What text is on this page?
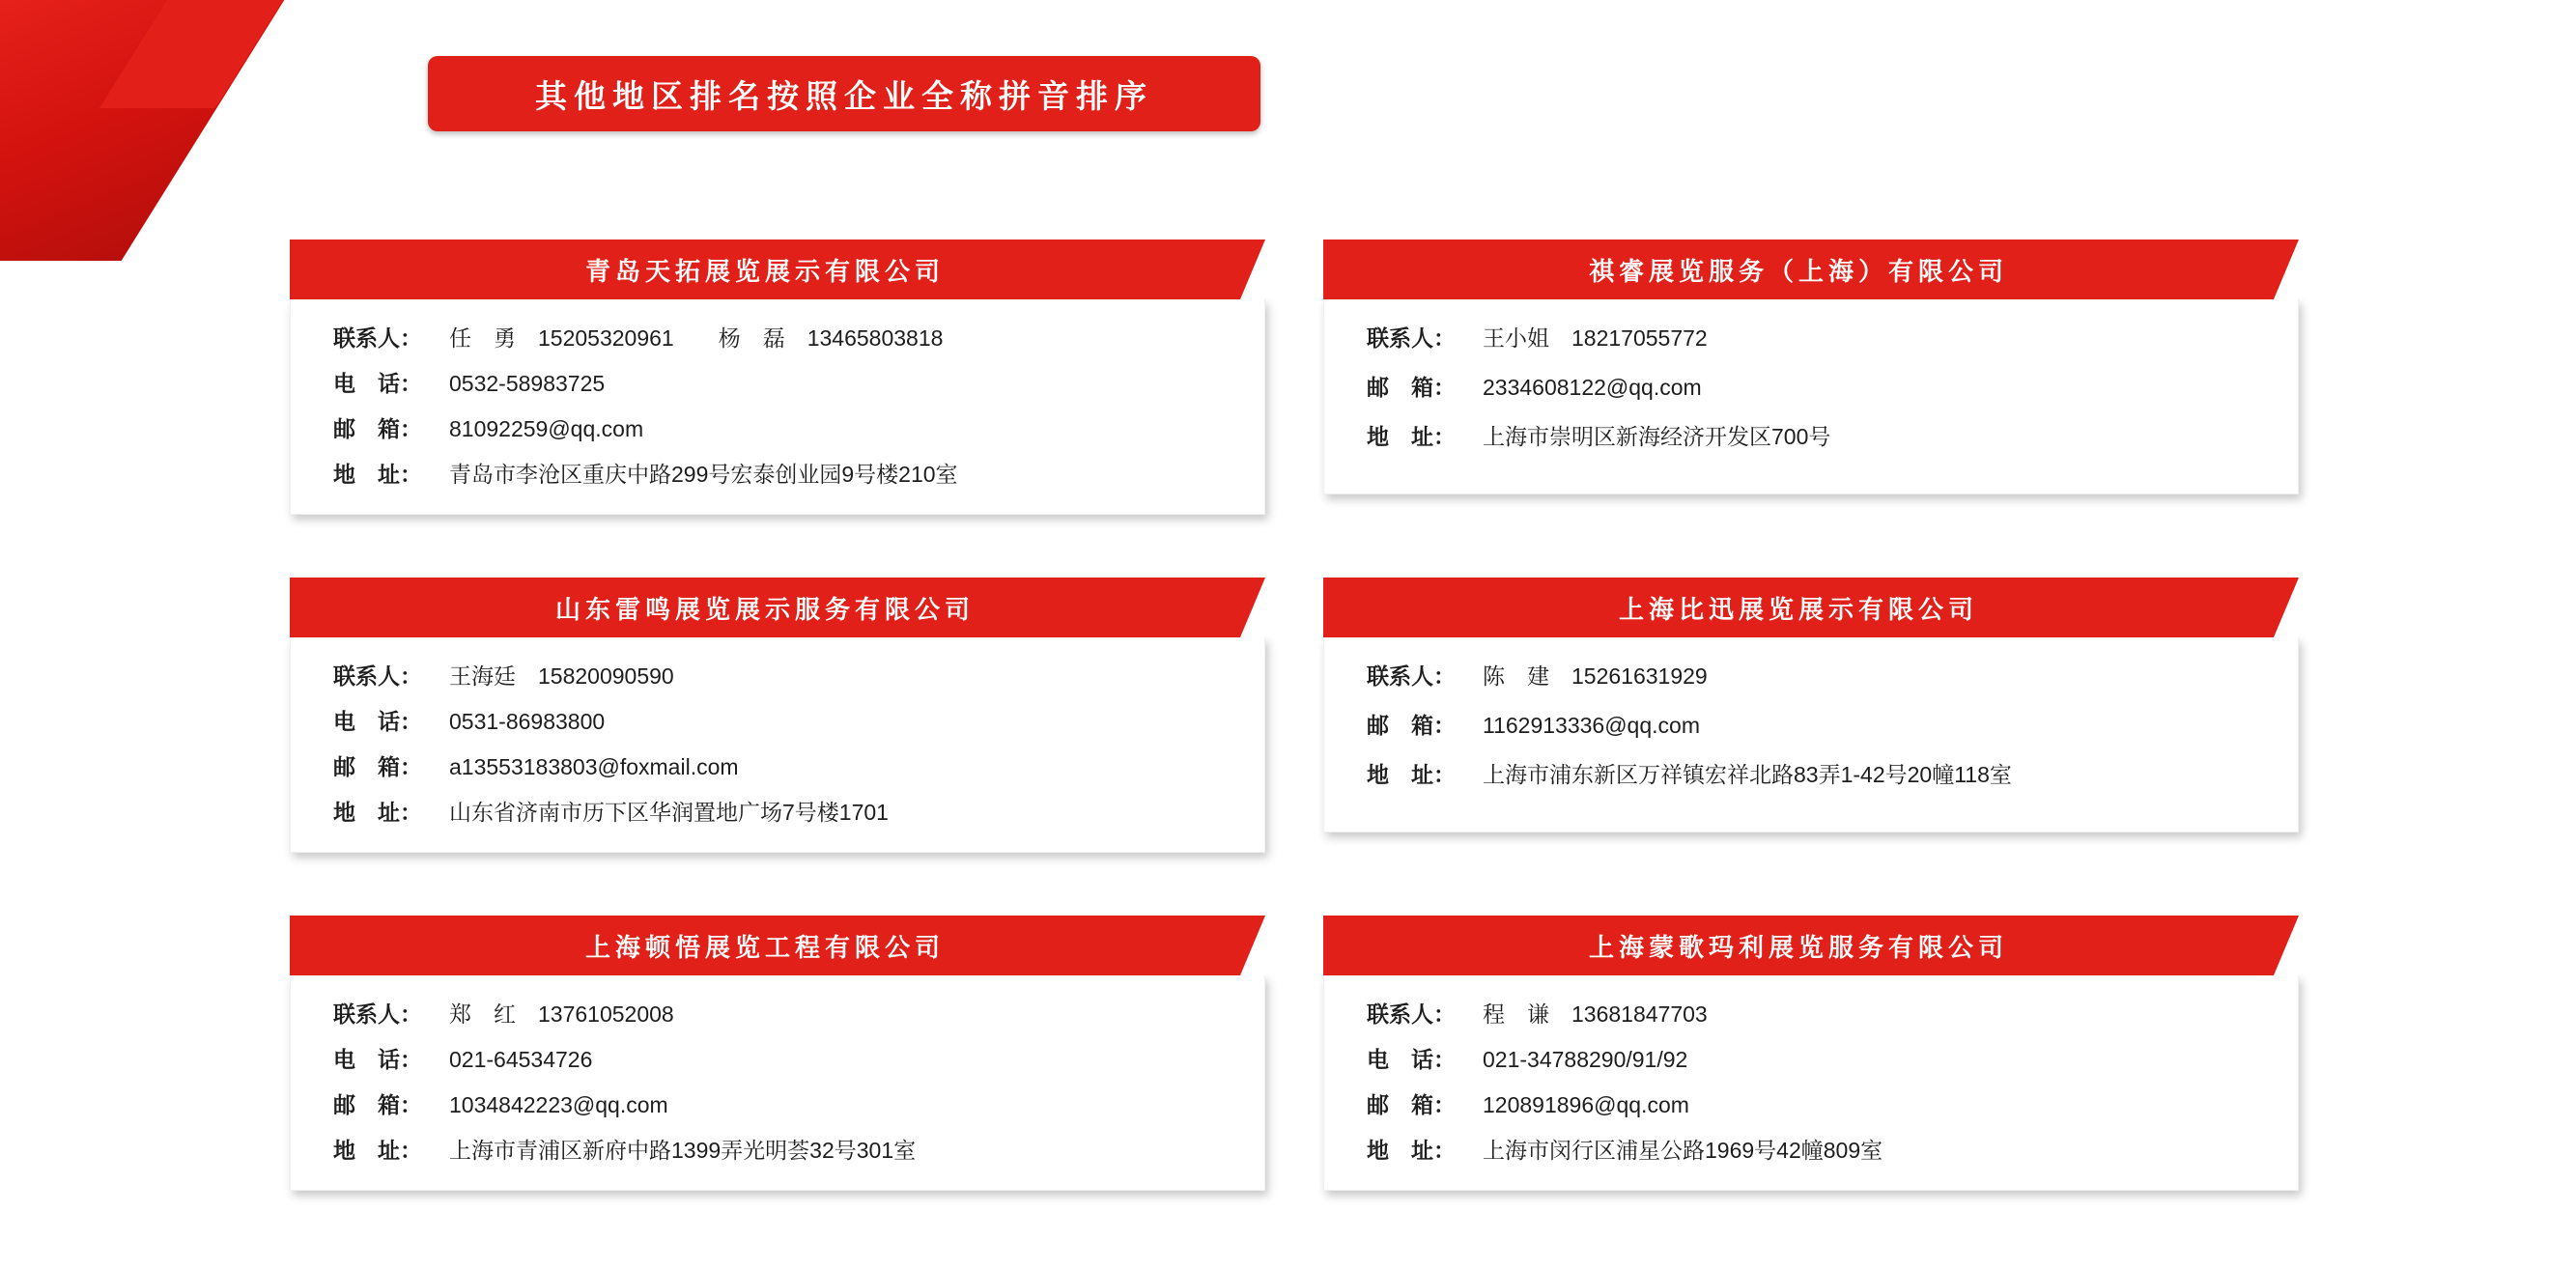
其他地区排名按照企业全称拼音排序
青岛天拓展览展示有限公司
联系人：	任　勇　15205320961　　杨　磊　13465803818
电　话：	0532-58983725
邮　箱：	81092259@qq.com
地　址：	青岛市李沧区重庆中路299号宏泰创业园9号楼210室
祺睿展览服务（上海）有限公司
联系人：	王小姐　18217055772
邮　箱：	2334608122@qq.com
地　址：	上海市崇明区新海经济开发区700号
山东雷鸣展览展示服务有限公司
联系人：	王海廷　15820090590
电　话：	0531-86983800
邮　箱：	a13553183803@foxmail.com
地　址：	山东省济南市历下区华润置地广场7号楼1701
上海比迅展览展示有限公司
联系人：	陈　建　15261631929
邮　箱：	1162913336@qq.com
地　址：	上海市浦东新区万祥镇宏祥北路83弄1-42号20幢118室
上海顿悟展览工程有限公司
联系人：	郑　红　13761052008
电　话：	021-64534726
邮　箱：	1034842223@qq.com
地　址：	上海市青浦区新府中路1399弄光明荟32号301室
上海蒙歌玛利展览服务有限公司
联系人：	程　谦　13681847703
电　话：	021-34788290/91/92
邮　箱：	120891896@qq.com
地　址：	上海市闵行区浦星公路1969号42幢809室
